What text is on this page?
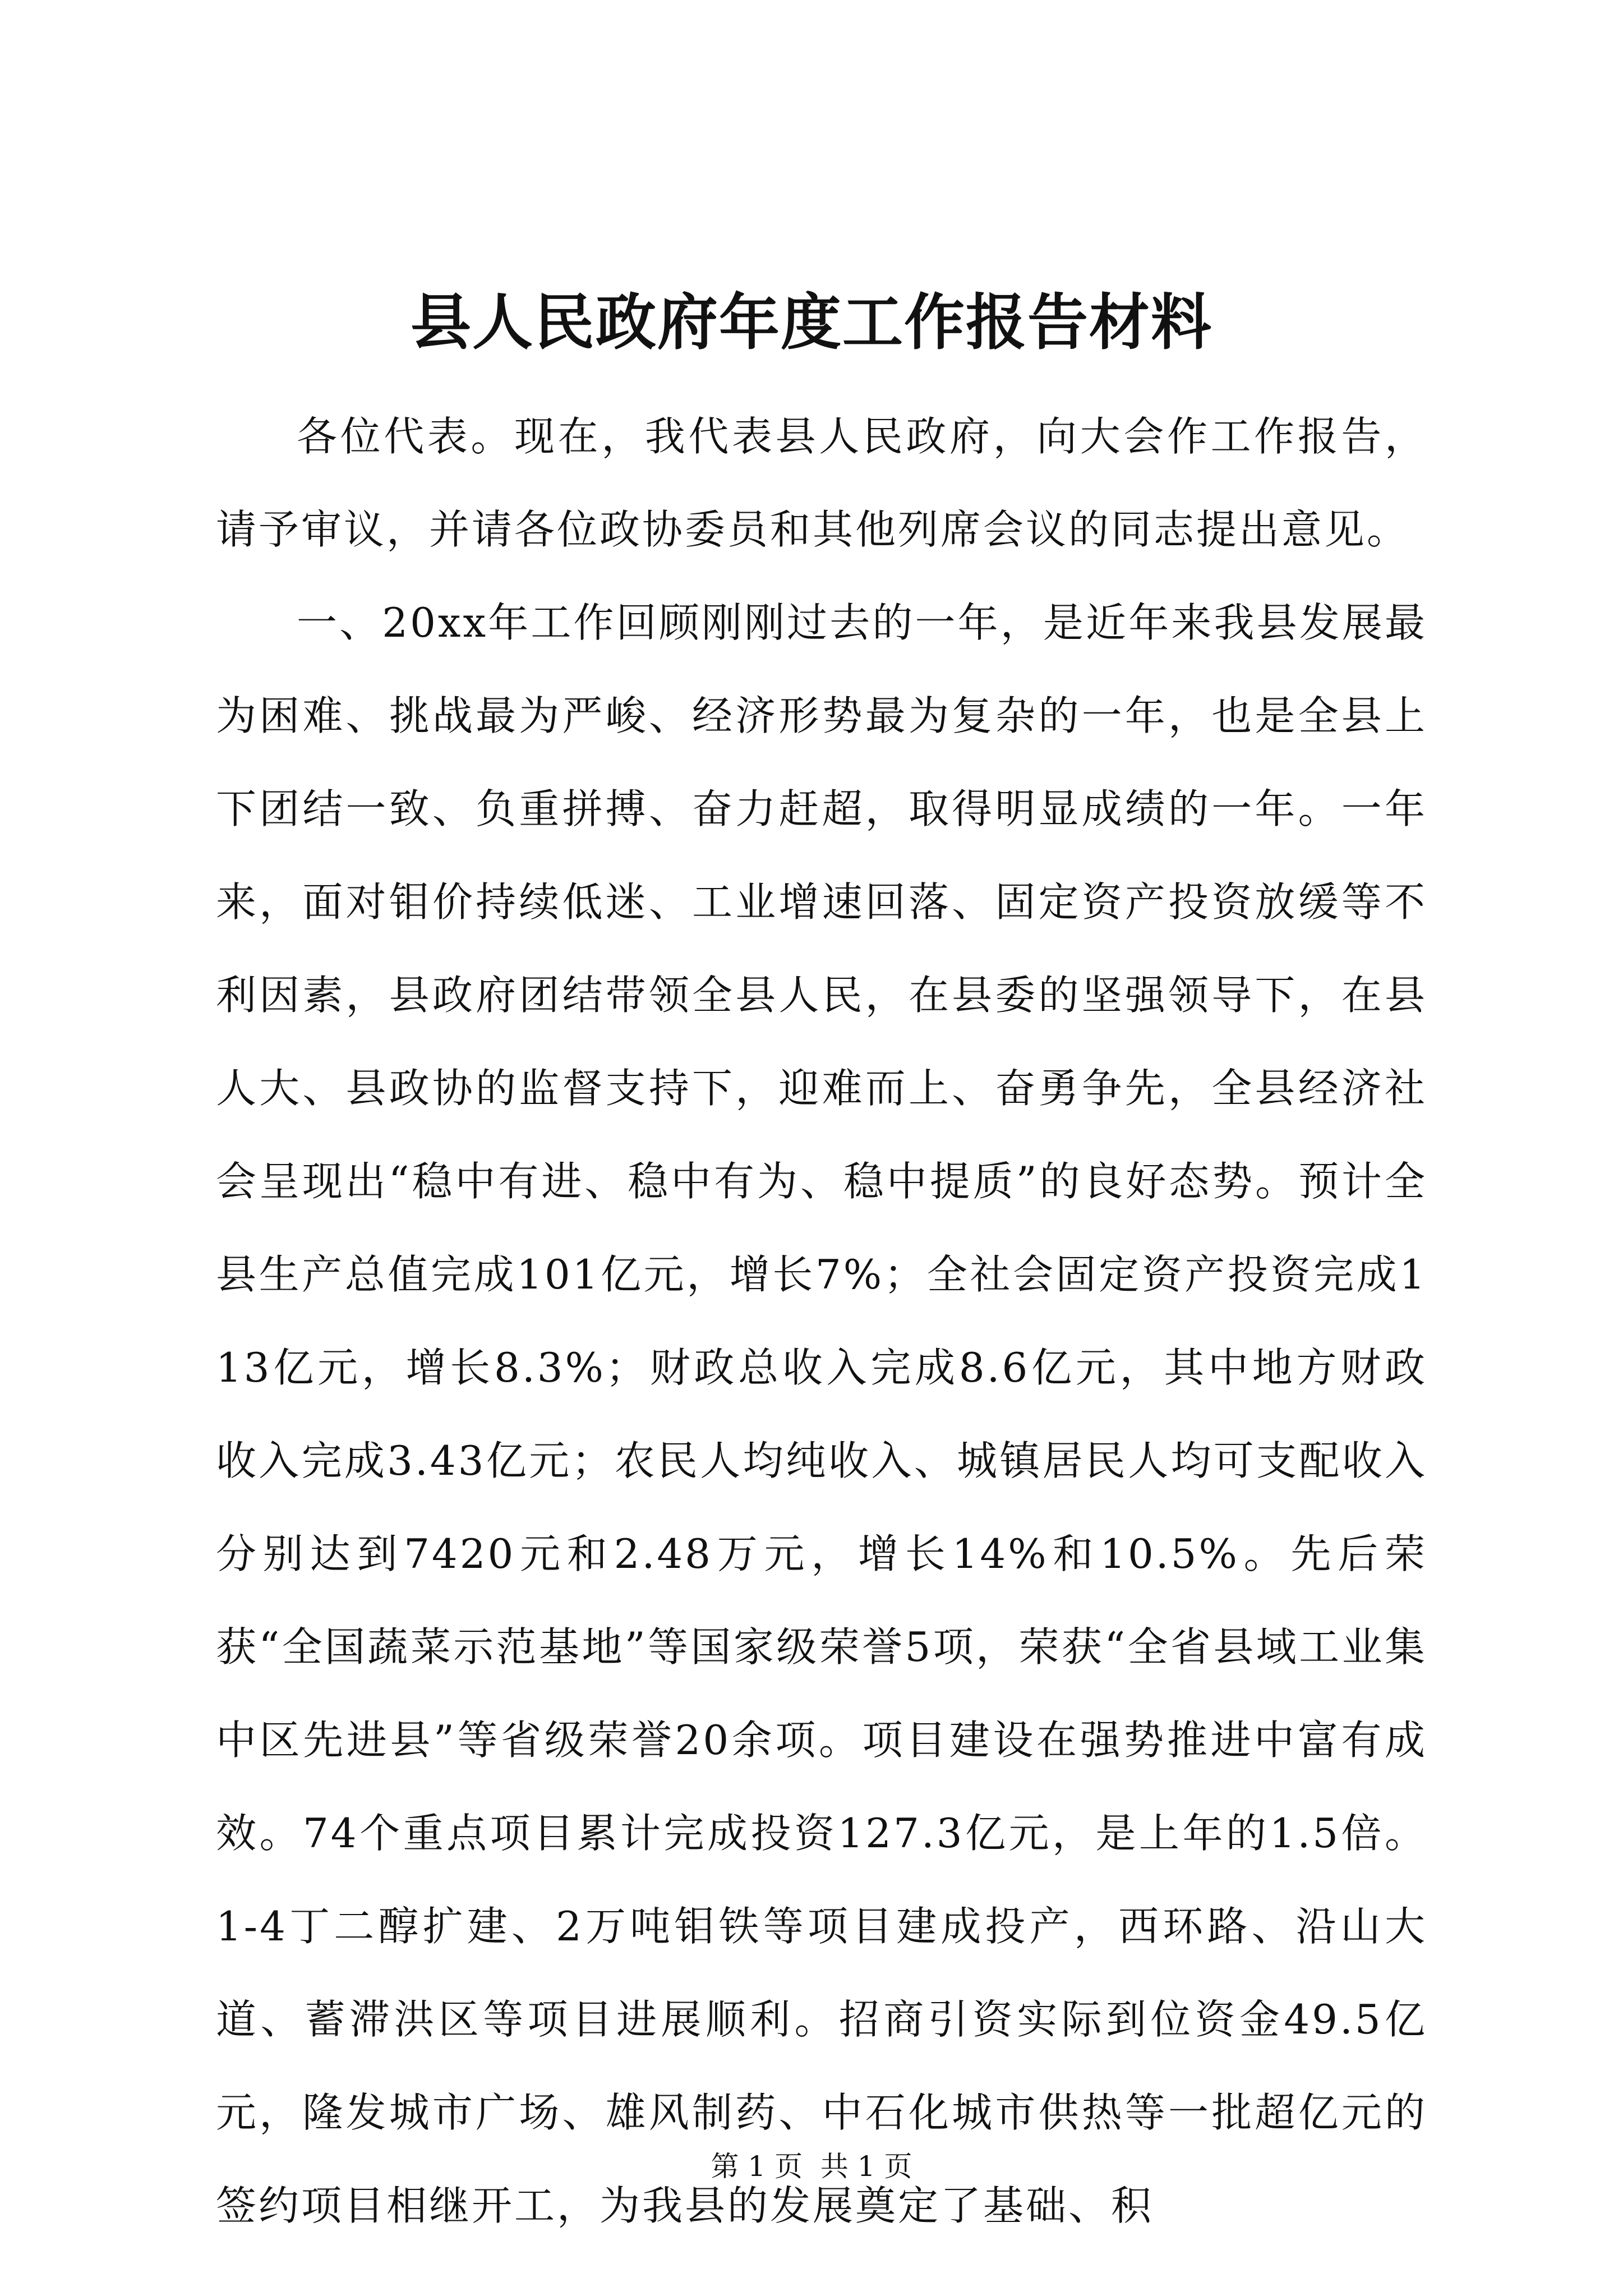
县人民政府年度工作报告材料

各位代表。现在，我代表县人民政府，向大会作工作报告，请予审议，并请各位政协委员和其他列席会议的同志提出意见。

一、20xx年工作回顾刚刚过去的一年，是近年来我县发展最为困难、挑战最为严峻、经济形势最为复杂的一年，也是全县上下团结一致、负重拼搏、奋力赶超，取得明显成绩的一年。一年来，面对钼价持续低迷、工业增速回落、固定资产投资放缓等不利因素，县政府团结带领全县人民，在县委的坚强领导下，在县人大、县政协的监督支持下，迎难而上、奋勇争先，全县经济社会呈现出“稳中有进、稳中有为、稳中提质”的良好态势。预计全县生产总值完成101亿元，增长7%；全社会固定资产投资完成113亿元，增长8.3%；财政总收入完成8.6亿元，其中地方财政收入完成3.43亿元；农民人均纯收入、城镇居民人均可支配收入分别达到7420元和2.48万元，增长14%和10.5%。先后荣获“全国蔬菜示范基地”等国家级荣誉5项，荣获“全省县域工业集中区先进县”等省级荣誉20余项。项目建设在强势推进中富有成效。74个重点项目累计完成投资127.3亿元，是上年的1.5倍。1-4丁二醇扩建、2万吨钼铁等项目建成投产，西环路、沿山大道、蓄滞洪区等项目进展顺利。招商引资实际到位资金49.5亿元，隆发城市广场、雄风制药、中石化城市供热等一批超亿元的签约项目相继开工，为我县的发展奠定了基础、积

第 1 页  共 1 页
